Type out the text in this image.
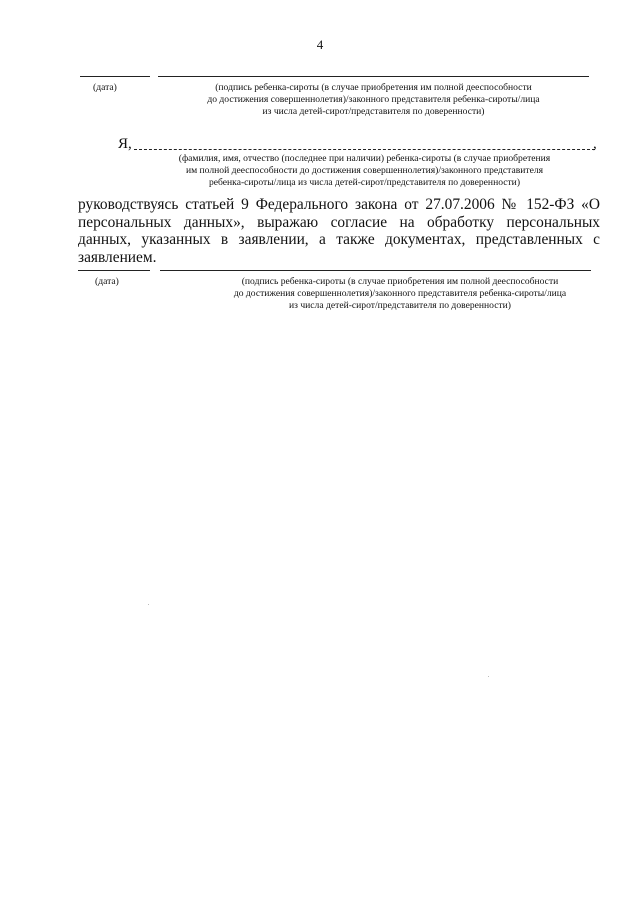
4
(дата)	(подпись ребенка-сироты (в случае приобретения им полной дееспособности
до достижения совершеннолетия)/законного представителя ребенка-сироты/лица
из числа детей-сирот/представителя по доверенности)
Я,	,
(фамилия, имя, отчество (последнее при наличии) ребенка-сироты (в случае приобретения
им полной дееспособности до достижения совершеннолетия)/законного представителя
ребенка-сироты/лица из числа детей-сирот/представителя по доверенности)
руководствуясь статьей 9 Федерального закона от 27.07.2006 № 152-ФЗ «О персональных данных», выражаю согласие на обработку персональных данных, указанных в заявлении, а также документах, представленных с заявлением.
(дата)	(подпись ребенка-сироты (в случае приобретения им полной дееспособности
до достижения совершеннолетия)/законного представителя ребенка-сироты/лица
из числа детей-сирот/представителя по доверенности)
